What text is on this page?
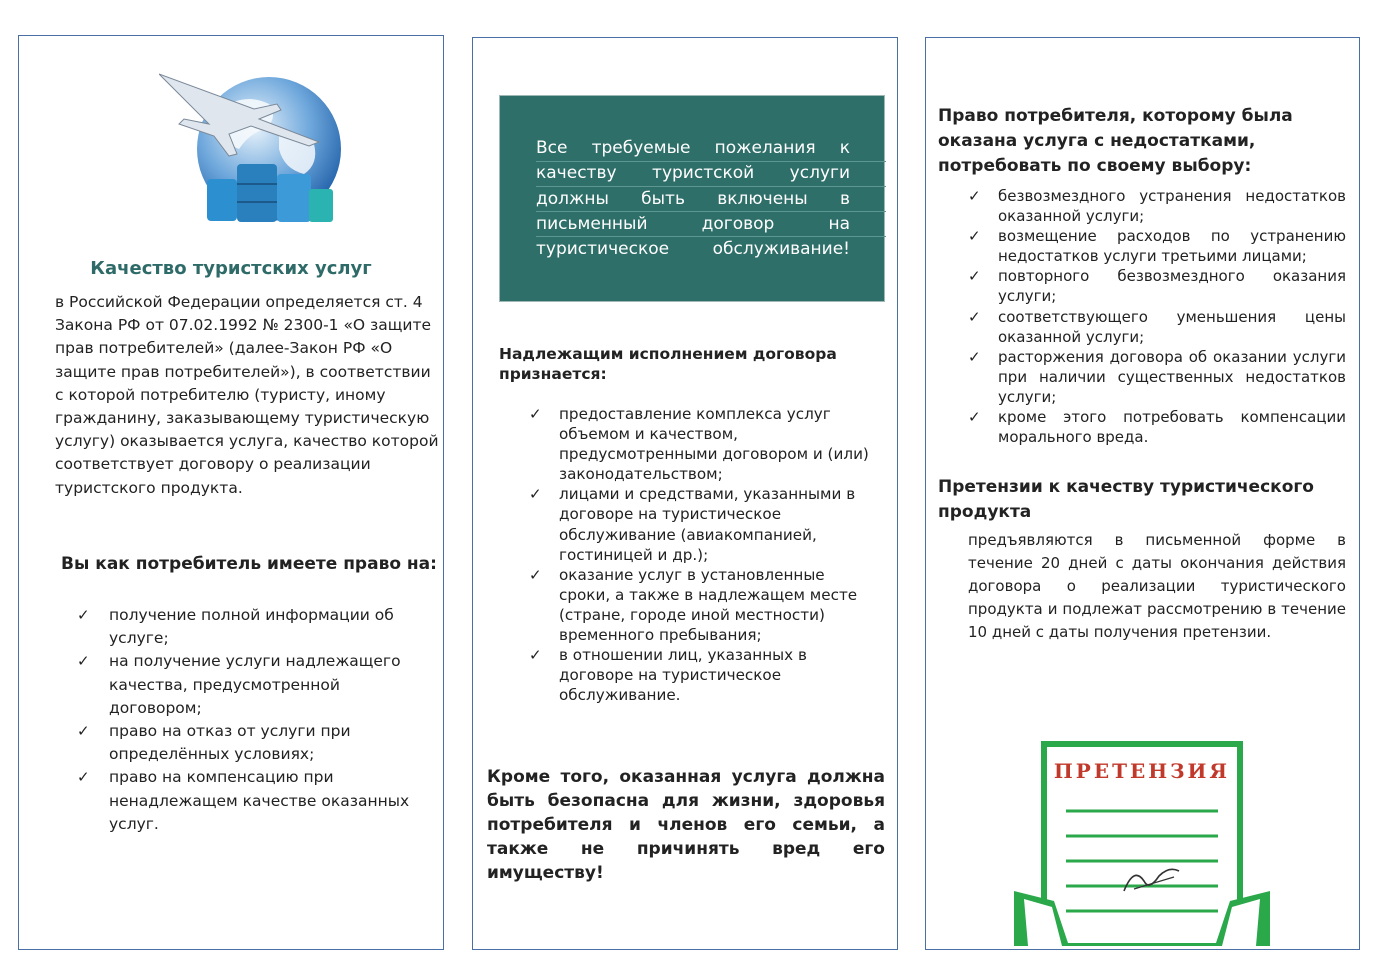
Качество туристских услуг
в Российской Федерации определяется ст. 4 Закона РФ от 07.02.1992 № 2300-1 «О защите прав потребителей» (далее-Закон РФ «О защите прав потребителей»), в соответствии с которой потребителю (туристу, иному гражданину, заказывающему туристическую услугу) оказывается услуга, качество которой соответствует договору о реализации туристского продукта.
Вы как потребитель имеете право на:
✓ получение полной информации об услуге;
✓ на получение услуги надлежащего качества, предусмотренной договором;
✓ право на отказ от услуги при определённых условиях;
✓ право на компенсацию при ненадлежащем качестве оказанных услуг.
Все требуемые пожелания к качеству туристской услуги должны быть включены в письменный договор на туристическое обслуживание!
Надлежащим исполнением договора признается:
✓ предоставление комплекса услуг объемом и качеством, предусмотренными договором и (или) законодательством;
✓ лицами и средствами, указанными в договоре на туристическое обслуживание (авиакомпанией, гостиницей и др.);
✓ оказание услуг в установленные сроки, а также в надлежащем месте (стране, городе иной местности) временного пребывания;
✓ в отношении лиц, указанных в договоре на туристическое обслуживание.
Кроме того, оказанная услуга должна быть безопасна для жизни, здоровья потребителя и членов его семьи, а также не причинять вред его имуществу!
Право потребителя, которому была оказана услуга с недостатками, потребовать по своему выбору:
✓ безвозмездного устранения недостатков оказанной услуги;
✓ возмещение расходов по устранению недостатков услуги третьими лицами;
✓ повторного безвозмездного оказания услуги;
✓ соответствующего уменьшения цены оказанной услуги;
✓ расторжения договора об оказании услуги при наличии существенных недостатков услуги;
✓ кроме этого потребовать компенсации морального вреда.
Претензии к качеству туристического продукта
предъявляются в письменной форме в течение 20 дней с даты окончания действия договора о реализации туристического продукта и подлежат рассмотрению в течение 10 дней с даты получения претензии.
ПРЕТЕНЗИЯ
